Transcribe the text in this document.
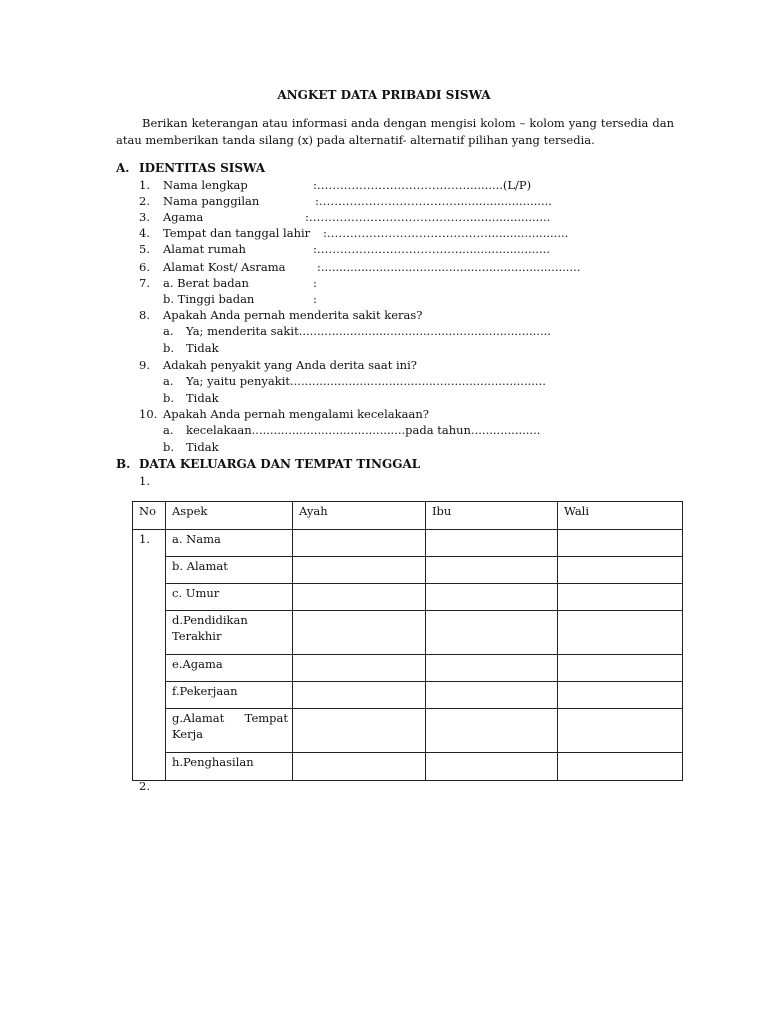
ANGKET DATA PRIBADI SISWA
Berikan keterangan atau informasi anda dengan mengisi kolom – kolom yang tersedia dan atau memberikan tanda silang (x) pada alternatif- alternatif pilihan yang tersedia.
A. IDENTITAS SISWA
1. Nama lengkap	:…………………………………..........(L/P)
2. Nama panggilan	:………………………………..........................
3. Agama	:……………………………………......................
4. Tempat dan tanggal lahir :……………………………………......................
5. Alamat rumah	:………………………………..........................
6. Alamat Kost/ Asrama	:.......................................................................
7. a. Berat badan	:
b. Tinggi badan	:
8. Apakah Anda pernah menderita sakit keras?
a. Ya; menderita sakit.....................................................................
b. Tidak
9. Adakah penyakit yang Anda derita saat ini?
a. Ya; yaitu penyakit......................................................................
b. Tidak
10. Apakah Anda pernah mengalami kecelakaan?
a. kecelakaan..........................................pada tahun...................
b. Tidak
B. DATA KELUARGA DAN TEMPAT TINGGAL
1.
No	Aspek	Ayah	Ibu	Wali
1.	a. Nama			
	b. Alamat			
	c. Umur			

	d.Pendidikan
Terakhir			

	e.Agama			
	f.Pekerjaan			

	g.Alamat Tempat
Kerja			

	h.Penghasilan			
2.
